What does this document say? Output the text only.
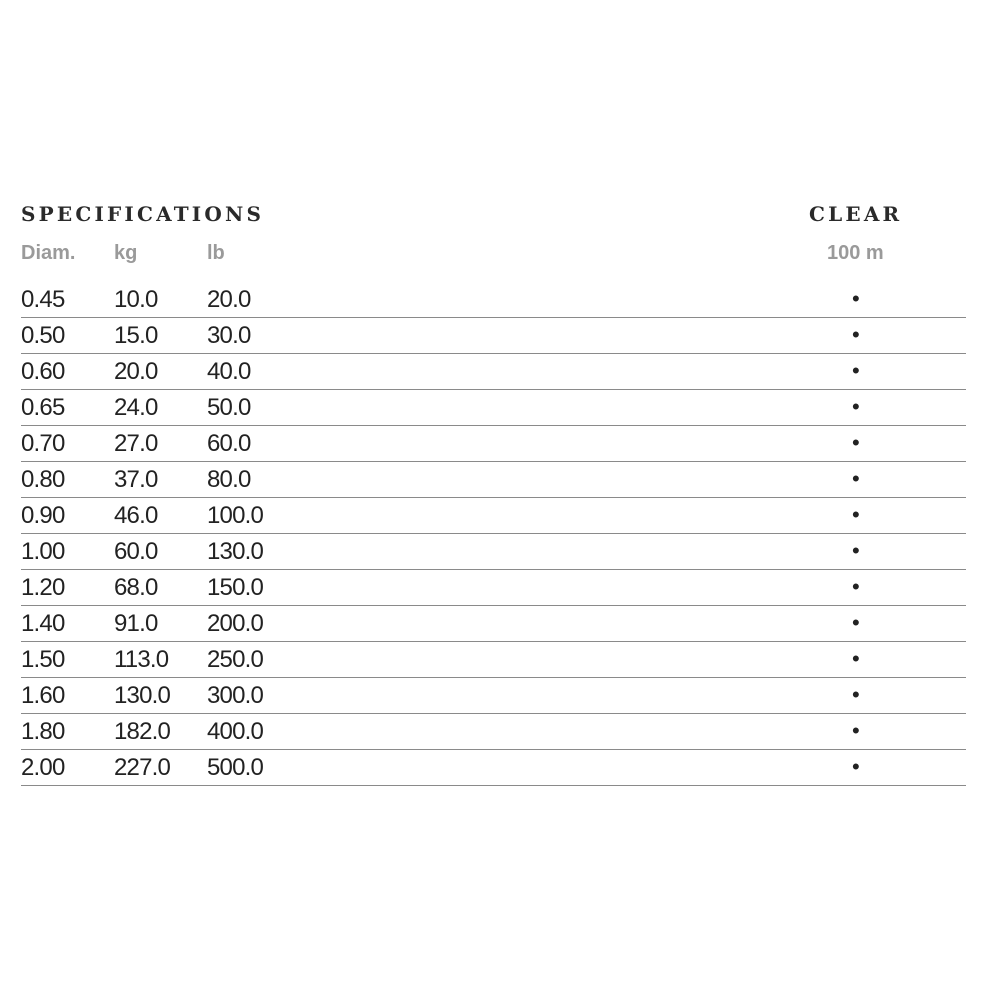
SPECIFICATIONS	CLEAR
Diam. kg	lb	100 m
0.45 10.0 20.0	•
0.50 15.0 30.0	•
0.60 20.0 40.0	•
0.65 24.0 50.0	•
0.70 27.0 60.0	•
0.80 37.0 80.0	•
0.90 46.0 100.0	•
1.00 60.0 130.0	•
1.20 68.0 150.0	•
1.40 91.0 200.0	•
1.50 113.0 250.0	•
1.60 130.0 300.0	•
1.80 182.0 400.0	•
2.00 227.0 500.0	•
